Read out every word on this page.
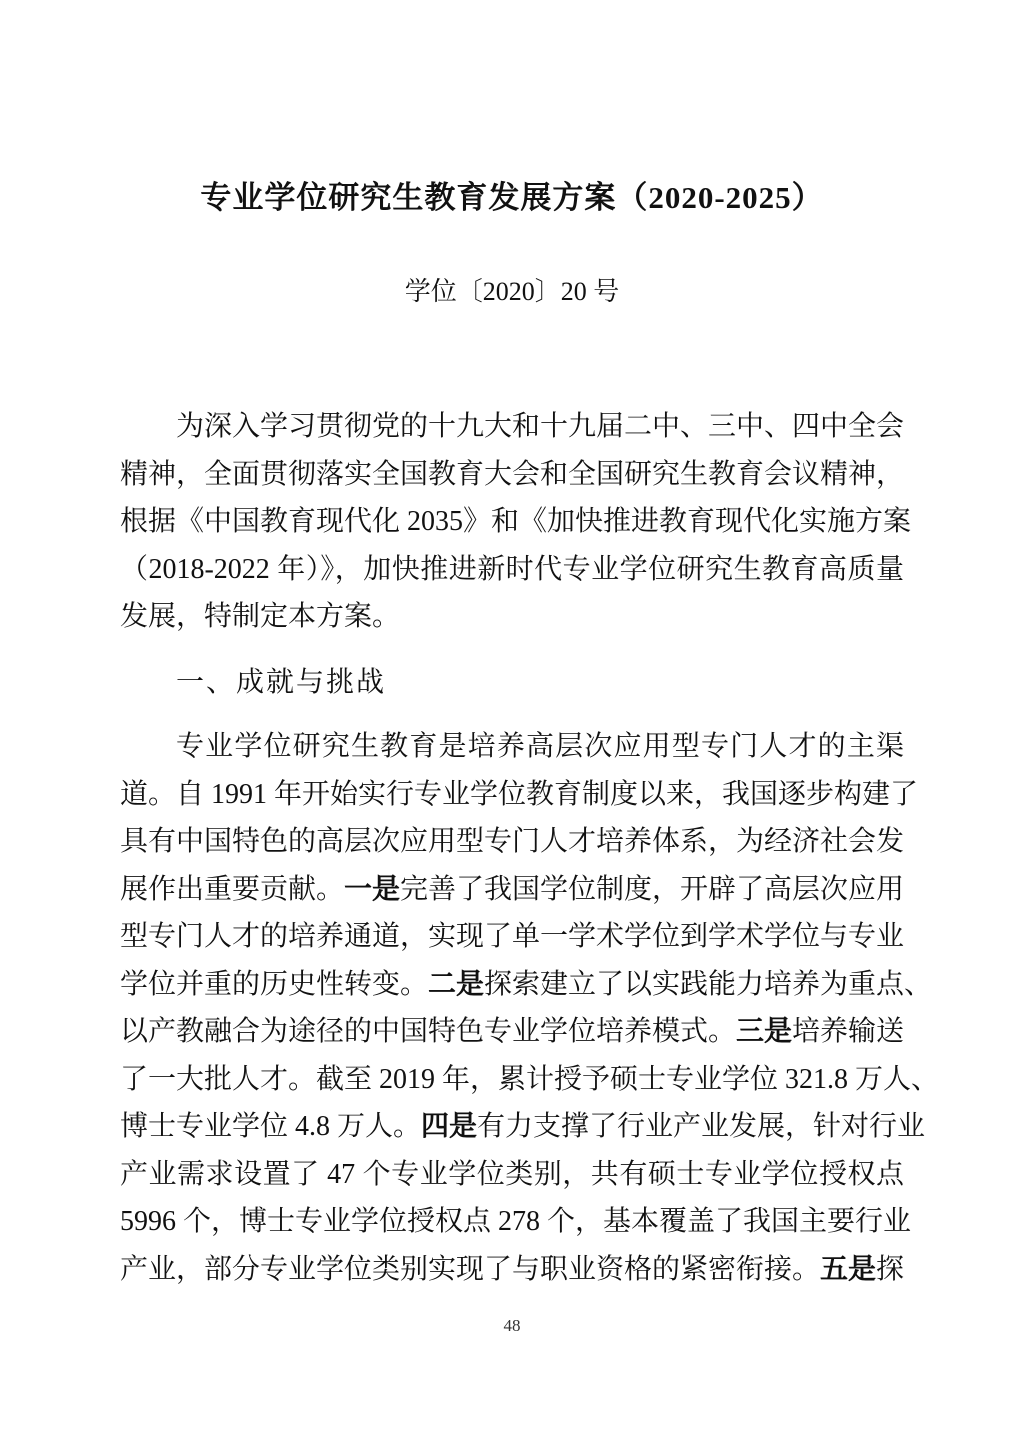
专业学位研究生教育发展方案（2020-2025）
学位〔2020〕20 号
为深入学习贯彻党的十九大和十九届二中、三中、四中全会
精神，全面贯彻落实全国教育大会和全国研究生教育会议精神，
根据《中国教育现代化 2035》和《加快推进教育现代化实施方案
（2018-2022 年）》，加快推进新时代专业学位研究生教育高质量
发展，特制定本方案。
一、成就与挑战
专业学位研究生教育是培养高层次应用型专门人才的主渠
道。自 1991 年开始实行专业学位教育制度以来，我国逐步构建了
具有中国特色的高层次应用型专门人才培养体系，为经济社会发
展作出重要贡献。一是完善了我国学位制度，开辟了高层次应用
型专门人才的培养通道，实现了单一学术学位到学术学位与专业
学位并重的历史性转变。二是探索建立了以实践能力培养为重点、
以产教融合为途径的中国特色专业学位培养模式。三是培养输送
了一大批人才。截至 2019 年，累计授予硕士专业学位 321.8 万人、
博士专业学位 4.8 万人。四是有力支撑了行业产业发展，针对行业
产业需求设置了 47 个专业学位类别，共有硕士专业学位授权点
5996 个，博士专业学位授权点 278 个，基本覆盖了我国主要行业
产业，部分专业学位类别实现了与职业资格的紧密衔接。五是探
48
